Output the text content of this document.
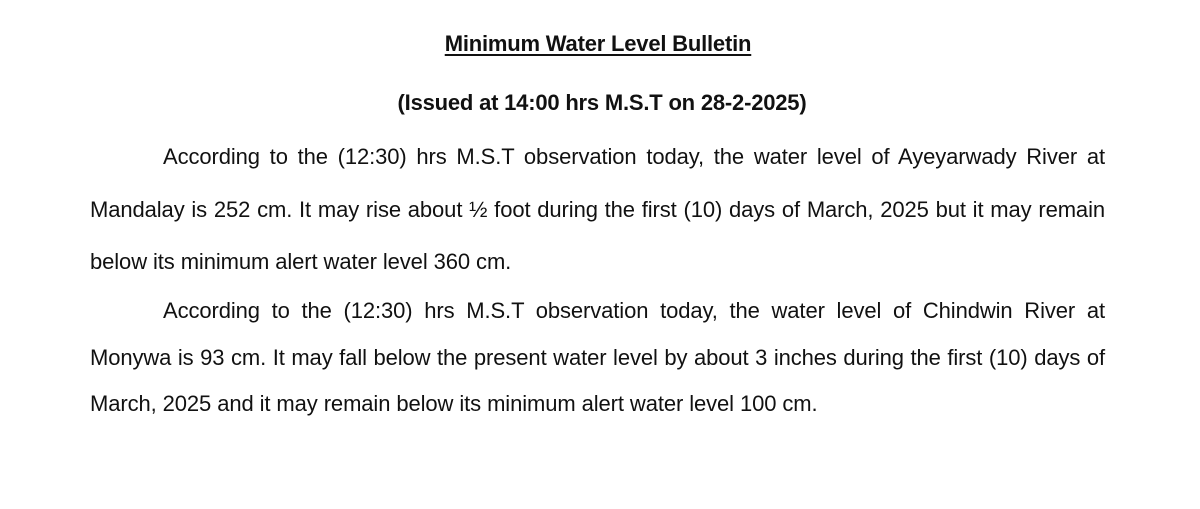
Minimum Water Level Bulletin
(Issued at 14:00 hrs M.S.T on 28-2-2025)

According to the (12:30) hrs M.S.T observation today, the water level of Ayeyarwady River at Mandalay is 252 cm. It may rise about ½ foot during the first (10) days of March, 2025 but it may remain below its minimum alert water level 360 cm.

According to the (12:30) hrs M.S.T observation today, the water level of Chindwin River at Monywa is 93 cm. It may fall below the present water level by about 3 inches during the first (10) days of March, 2025 and it may remain below its minimum alert water level 100 cm.
